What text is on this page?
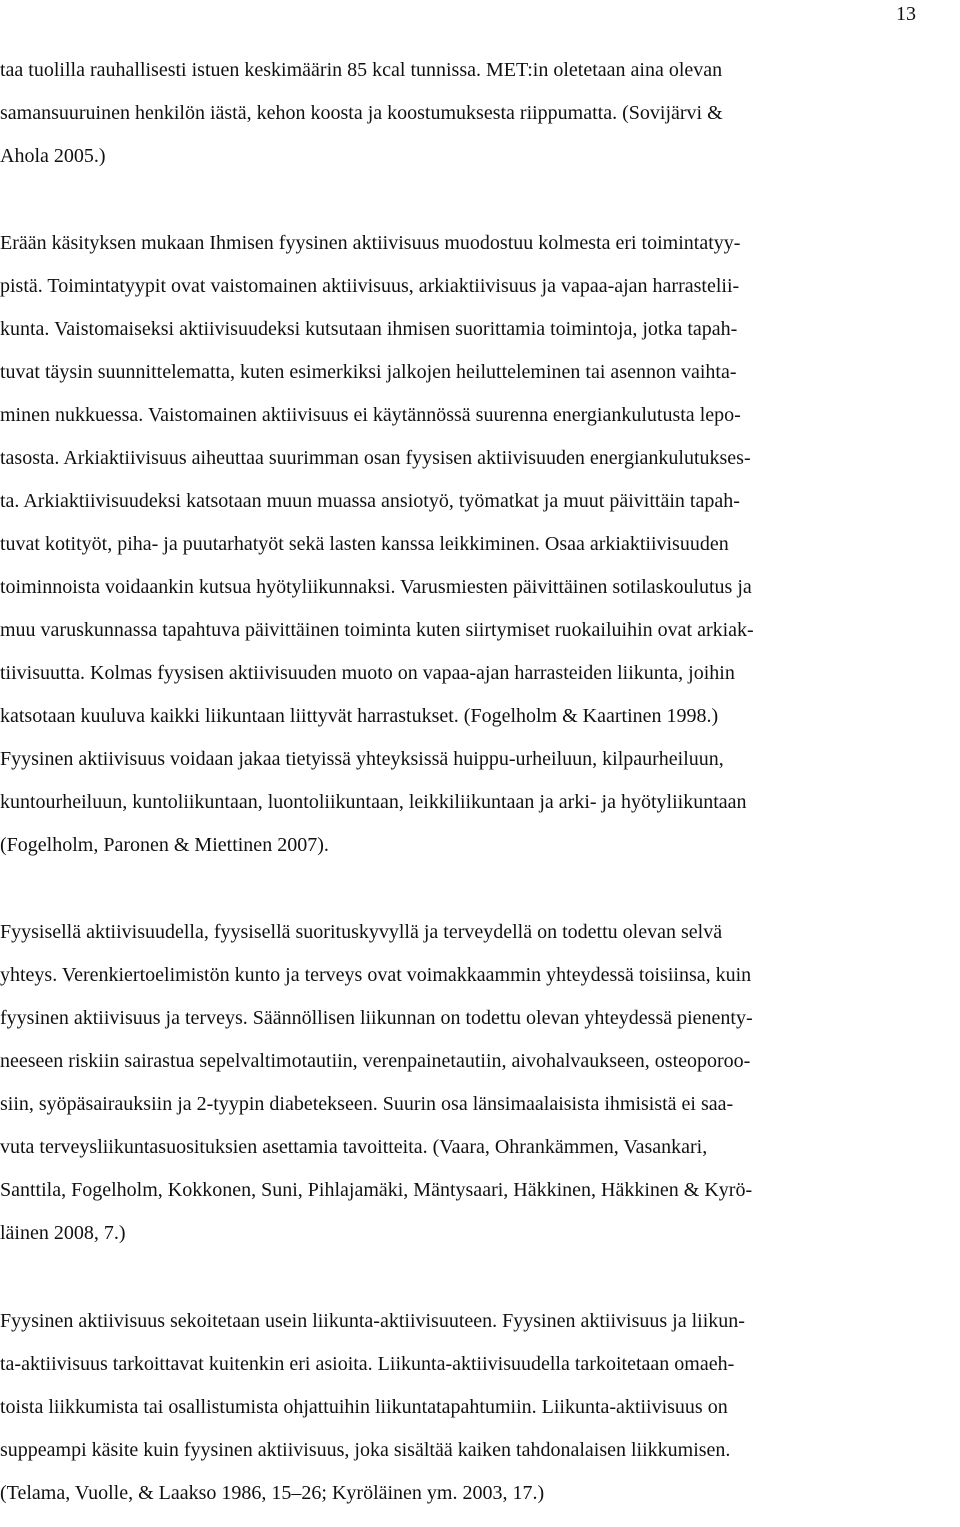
13
taa tuolilla rauhallisesti istuen keskimäärin 85 kcal tunnissa. MET:in oletetaan aina olevan
samansuuruinen henkilön iästä, kehon koosta ja koostumuksesta riippumatta. (Sovijärvi &
Ahola 2005.)
Erään käsityksen mukaan Ihmisen fyysinen aktiivisuus muodostuu kolmesta eri toimintatyy-
pistä. Toimintatyypit ovat vaistomainen aktiivisuus, arkiaktiivisuus ja vapaa-ajan harrastelii-
kunta. Vaistomaiseksi aktiivisuudeksi kutsutaan ihmisen suorittamia toimintoja, jotka tapah-
tuvat täysin suunnittelematta, kuten esimerkiksi jalkojen heilutteleminen tai asennon vaihta-
minen nukkuessa. Vaistomainen aktiivisuus ei käytännössä suurenna energiankulutusta lepo-
tasosta. Arkiaktiivisuus aiheuttaa suurimman osan fyysisen aktiivisuuden energiankulutukses-
ta. Arkiaktiivisuudeksi katsotaan muun muassa ansiotyö, työmatkat ja muut päivittäin tapah-
tuvat kotityöt, piha- ja puutarhatyöt sekä lasten kanssa leikkiminen. Osaa arkiaktiivisuuden
toiminnoista voidaankin kutsua hyötyliikunnaksi. Varusmiesten päivittäinen sotilaskoulutus ja
muu varuskunnassa tapahtuva päivittäinen toiminta kuten siirtymiset ruokailuihin ovat arkiak-
tiivisuutta. Kolmas fyysisen aktiivisuuden muoto on vapaa-ajan harrasteiden liikunta, joihin
katsotaan kuuluva kaikki liikuntaan liittyvät harrastukset. (Fogelholm & Kaartinen 1998.)
Fyysinen aktiivisuus voidaan jakaa tietyissä yhteyksissä huippu-urheiluun, kilpaurheiluun,
kuntourheiluun, kuntoliikuntaan, luontoliikuntaan, leikkiliikuntaan ja arki- ja hyötyliikuntaan
(Fogelholm, Paronen & Miettinen 2007).
Fyysisellä aktiivisuudella, fyysisellä suorituskyvyllä ja terveydellä on todettu olevan selvä
yhteys. Verenkiertoelimistön kunto ja terveys ovat voimakkaammin yhteydessä toisiinsa, kuin
fyysinen aktiivisuus ja terveys. Säännöllisen liikunnan on todettu olevan yhteydessä pienenty-
neeseen riskiin sairastua sepelvaltimotautiin, verenpainetautiin, aivohalvaukseen, osteoporoo-
siin, syöpäsairauksiin ja 2-tyypin diabetekseen. Suurin osa länsimaalaisista ihmisistä ei saa-
vuta terveysliikuntasuosituksien asettamia tavoitteita. (Vaara, Ohrankämmen, Vasankari,
Santtila, Fogelholm, Kokkonen, Suni, Pihlajamäki, Mäntysaari, Häkkinen, Häkkinen & Kyrö-
läinen 2008, 7.)
Fyysinen aktiivisuus sekoitetaan usein liikunta-aktiivisuuteen. Fyysinen aktiivisuus ja liikun-
ta-aktiivisuus tarkoittavat kuitenkin eri asioita. Liikunta-aktiivisuudella tarkoitetaan omaeh-
toista liikkumista tai osallistumista ohjattuihin liikuntatapahtumiin. Liikunta-aktiivisuus on
suppeampi käsite kuin fyysinen aktiivisuus, joka sisältää kaiken tahdonalaisen liikkumisen.
(Telama, Vuolle, & Laakso 1986, 15–26; Kyröläinen ym. 2003, 17.)
